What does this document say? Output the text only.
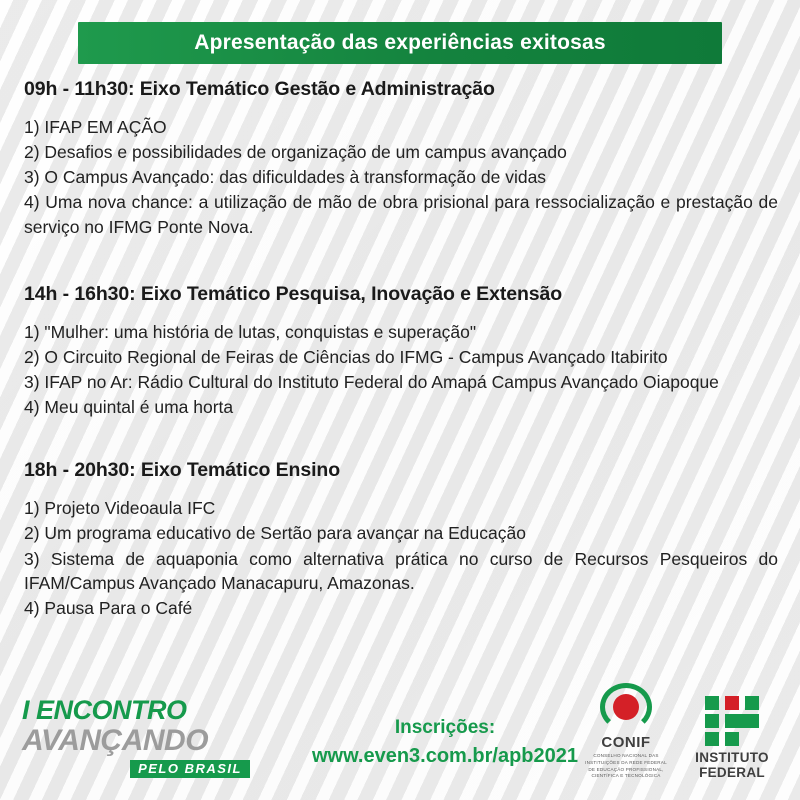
Apresentação das experiências exitosas
09h - 11h30: Eixo Temático Gestão e Administração

1) IFAP EM AÇÃO

2) Desafios e possibilidades de organização de um campus avançado

3) O Campus Avançado: das dificuldades à transformação de vidas

4) Uma nova chance: a utilização de mão de obra prisional para ressocialização e prestação de serviço no IFMG Ponte Nova.

14h - 16h30: Eixo Temático Pesquisa, Inovação e Extensão

1) "Mulher: uma história de lutas, conquistas e superação"

2) O Circuito Regional de Feiras de Ciências do IFMG - Campus Avançado Itabirito

3) IFAP no Ar: Rádio Cultural do Instituto Federal do Amapá Campus Avançado Oiapoque

4) Meu quintal é uma horta

18h - 20h30: Eixo Temático Ensino

1) Projeto Videoaula IFC

2) Um programa educativo de Sertão para avançar na Educação

3) Sistema de aquaponia como alternativa prática no curso de Recursos Pesqueiros do IFAM/Campus Avançado Manacapuru, Amazonas.

4) Pausa Para o Café

I ENCONTRO
AVANÇANDO
PELO BRASIL
Inscrições:
www.even3.com.br/apb2021
CONIF
CONSELHO NACIONAL DAS INSTITUIÇÕES DA REDE FEDERAL DE EDUCAÇÃO PROFISSIONAL, CIENTÍFICA E TECNOLÓGICA
INSTITUTO
FEDERAL
